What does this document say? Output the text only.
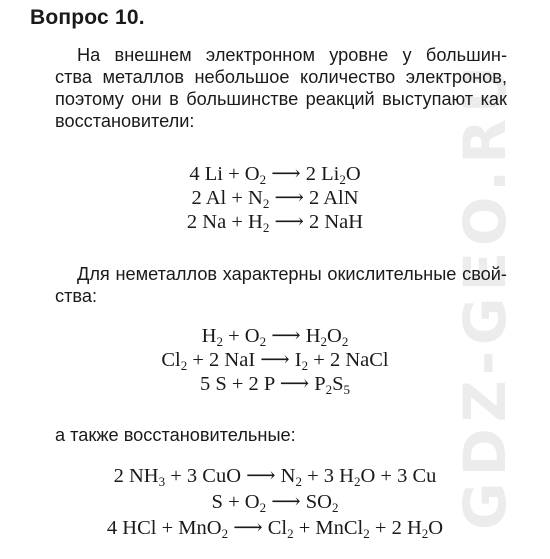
GDZ-GEO.RU
Вопрос 10.
На внешнем электронном уровне у большин-
ства металлов небольшое количество электронов,
поэтому они в большинстве реакций выступают как
восстановители:
4 $Li + O_2$ ⟶ 2 $Li_2O$
2 $Al + N_2$ ⟶ 2 AlN
2 $Na + H_2$ ⟶ 2 NaH
Для неметаллов характерны окислительные свой-
ства:
$H_2 + O_2$ ⟶ $H_2O_2$
$Cl_2 + 2$ NaI ⟶ $I_2 + 2$ NaCl
5 S + 2 P ⟶ $P_2S_5$
а также восстановительные:
2 $NH_3 + 3$ CuO ⟶ $N_2 + 3$ $H_2O + 3$ Cu
$S + O_2$ ⟶ $SO_2$
4 HCl + MnO$_2$ ⟶ $Cl_2$ + MnCl$_2$ + 2 $H_2O$
